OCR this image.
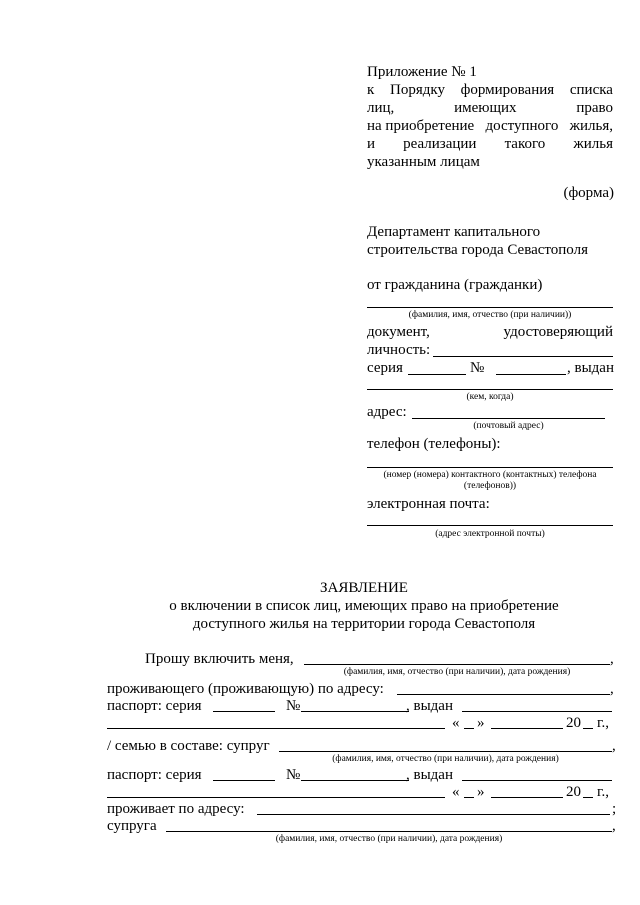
Приложение № 1
к Порядку формирования списка
лиц,	имеющих	право
на приобретение доступного жилья,
и реализации такого жилья
указанным лицам
(форма)
Департамент капитального
строительства города Севастополя
от гражданина (гражданки)
(фамилия, имя, отчество (при наличии))
документ,	удостоверяющий
личность:
серия	№	, выдан
(кем, когда)
адрес:
(почтовый адрес)
телефон (телефоны):
(номер (номера) контактного (контактных) телефона
(телефонов))
электронная почта:
(адрес электронной почты)
ЗАЯВЛЕНИЕ
о включении в список лиц, имеющих право на приобретение
доступного жилья на территории города Севастополя
Прошу включить меня,	,
(фамилия, имя, отчество (при наличии), дата рождения)
проживающего (проживающую) по адресу:	,
паспорт: серия	№	, выдан
« »	20 г.,
/ семью в составе: супруг	,
(фамилия, имя, отчество (при наличии), дата рождения)
паспорт: серия	№	, выдан
« »	20 г.,
проживает по адресу:	;
супруга	,
(фамилия, имя, отчество (при наличии), дата рождения)
